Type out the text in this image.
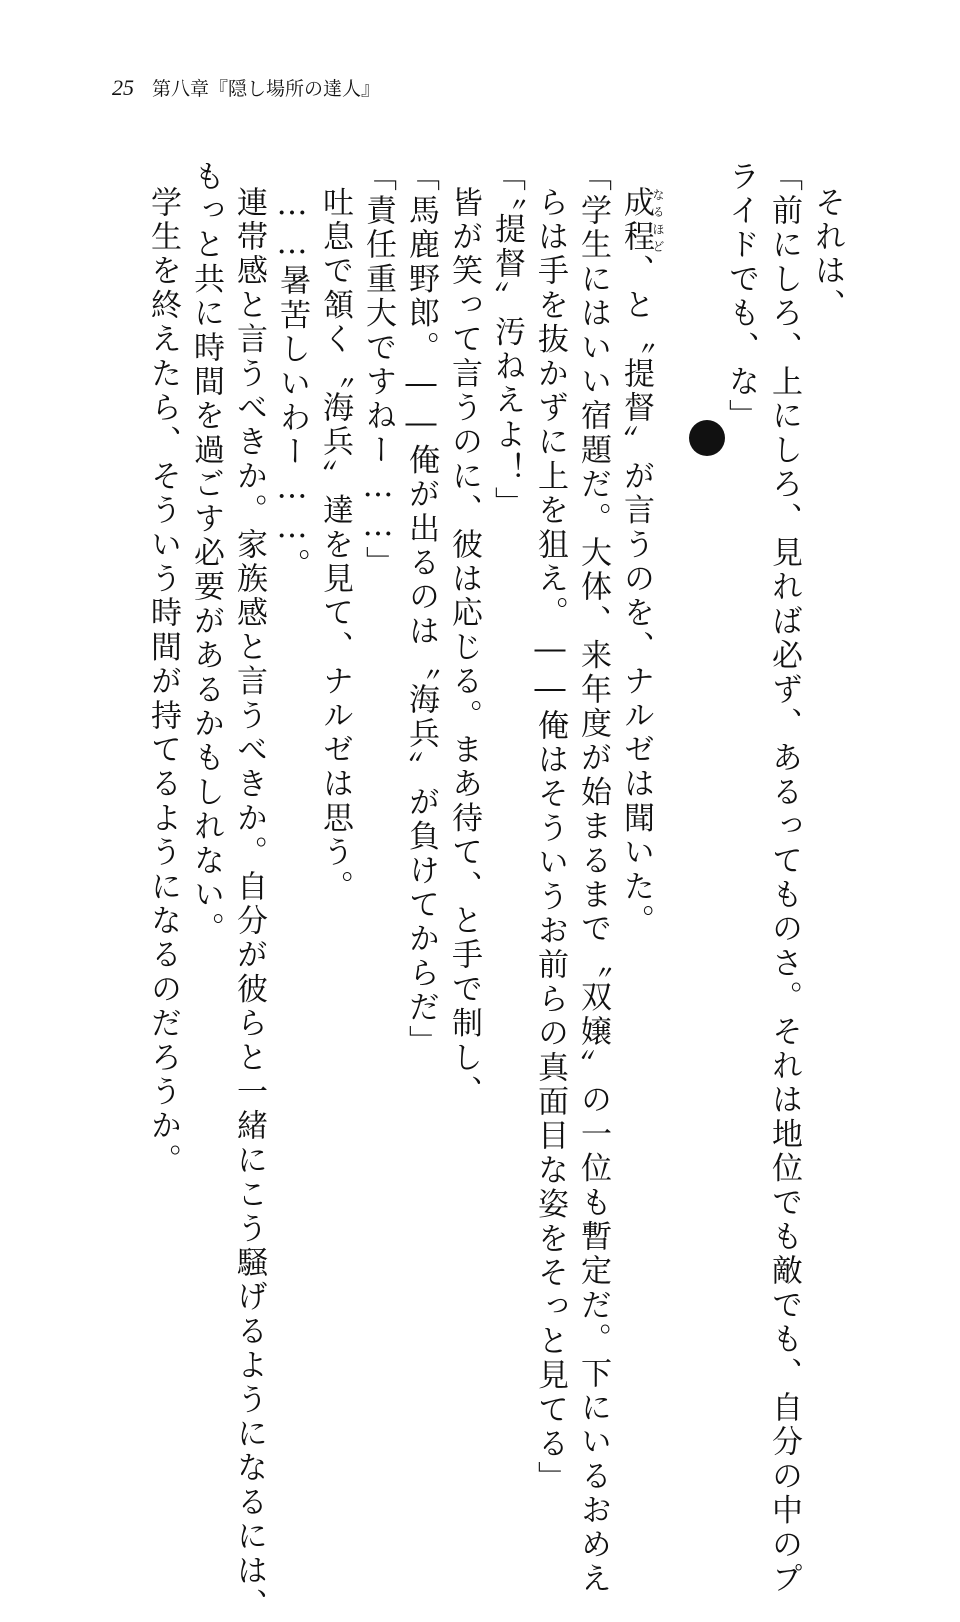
25 第八章『隠し場所の達人』
それは、
「前にしろ、上にしろ、見れば必ず、あるってものさ。それは地位でも敵でも、自分の中のプ
ライドでも、な」
成程なるほど、と〝提督〟が言うのを、ナルゼは聞いた。
「学生にはいい宿題だ。大体、来年度が始まるまで〝双嬢〟の一位も暫定だ。下にいるおめえ
らは手を抜かずに上を狙え。――俺はそういうお前らの真面目な姿をそっと見てる」
「〝提督〟汚ねえよ！」
皆が笑って言うのに、彼は応じる。まあ待て、と手で制し、
「馬鹿野郎。――俺が出るのは〝海兵〟が負けてからだ」
「責任重大ですねー……」
吐息で頷く〝海兵〟達を見て、ナルゼは思う。
……暑苦しいわー……。
連帯感と言うべきか。家族感と言うべきか。自分が彼らと一緒にこう騒げるようになるには、
もっと共に時間を過ごす必要があるかもしれない。
学生を終えたら、そういう時間が持てるようになるのだろうか。
